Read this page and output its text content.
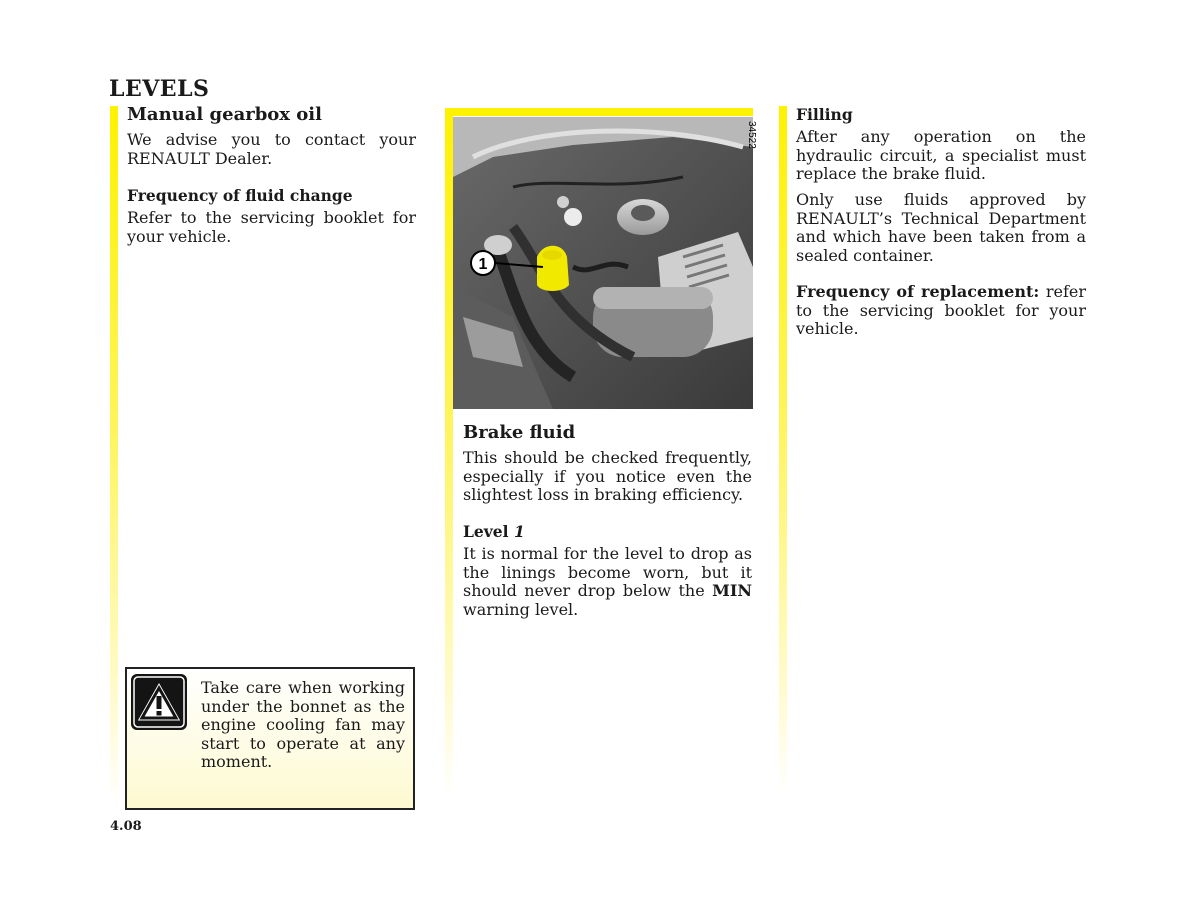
LEVELS
Manual gearbox oil

We advise you to contact your RENAULT Dealer.

Frequency of fluid change

Refer to the servicing booklet for your vehicle.

Take care when working under the bonnet as the engine cooling fan may start to operate at any moment.
1
34522
Brake fluid

This should be checked frequently, especially if you notice even the slightest loss in braking efficiency.

Level 1

It is normal for the level to drop as the linings become worn, but it should never drop below the MIN warning level.

Filling

After any operation on the hydraulic circuit, a specialist must replace the brake fluid.

Only use fluids approved by RENAULT’s Technical Department and which have been taken from a sealed container.

Frequency of replacement: refer to the servicing booklet for your vehicle.

4.08
